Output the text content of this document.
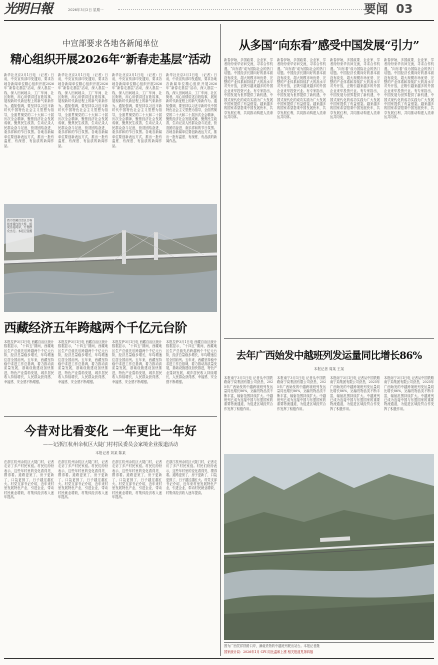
光明日報	2026年3月2日 星期一	要闻 03
中宣部要求各地各新闻单位
精心组织开展2026年“新春走基层”活动
新华社北京3月1日电 （记者）日前，中央宣传部印发通知，要求各地各新闻单位精心组织开展2026年“新春走基层”活动，深入基层一线，深入田间地头、工厂车间、社区街巷，用心用情讲述百姓故事，展现新时代新征程上的新气象新作为。通知强调，要坚持以习近平新时代中国特色社会主义思想为指导，全面贯彻党的二十大和二十届历次全会精神，聚焦经济社会发展成就，聚焦民生改善，生动记录人民群众奋斗足迹，营造团结奋进、欢乐祥和的节日氛围。各地各新闻单位要创新表达方式，推出一批有温度、有深度、有品质的新闻作品。
新华社北京3月1日电 （记者）日前，中央宣传部印发通知，要求各地各新闻单位精心组织开展2026年“新春走基层”活动，深入基层一线，深入田间地头、工厂车间、社区街巷，用心用情讲述百姓故事，展现新时代新征程上的新气象新作为。通知强调，要坚持以习近平新时代中国特色社会主义思想为指导，全面贯彻党的二十大和二十届历次全会精神，聚焦经济社会发展成就，聚焦民生改善，生动记录人民群众奋斗足迹，营造团结奋进、欢乐祥和的节日氛围。各地各新闻单位要创新表达方式，推出一批有温度、有深度、有品质的新闻作品。
新华社北京3月1日电 （记者）日前，中央宣传部印发通知，要求各地各新闻单位精心组织开展2026年“新春走基层”活动，深入基层一线，深入田间地头、工厂车间、社区街巷，用心用情讲述百姓故事，展现新时代新征程上的新气象新作为。通知强调，要坚持以习近平新时代中国特色社会主义思想为指导，全面贯彻党的二十大和二十届历次全会精神，聚焦经济社会发展成就，聚焦民生改善，生动记录人民群众奋斗足迹，营造团结奋进、欢乐祥和的节日氛围。各地各新闻单位要创新表达方式，推出一批有温度、有深度、有品质的新闻作品。
新华社北京3月1日电 （记者）日前，中央宣传部印发通知，要求各地各新闻单位精心组织开展2026年“新春走基层”活动，深入基层一线，深入田间地头、工厂车间、社区街巷，用心用情讲述百姓故事，展现新时代新征程上的新气象新作为。通知强调，要坚持以习近平新时代中国特色社会主义思想为指导，全面贯彻党的二十大和二十届历次全会精神，聚焦经济社会发展成就，聚焦民生改善，生动记录人民群众奋斗足迹，营造团结奋进、欢乐祥和的节日氛围。各地各新闻单位要创新表达方式，推出一批有温度、有深度、有品质的新闻作品。
图为西藏自治区日喀则市境内的大桥，桥梁连接两岸，方便群众出行。本报记者摄
西藏经济五年跨越两个千亿元台阶
本报拉萨3月1日电 西藏自治区统计数据显示，“十四五”期间，西藏地区生产总值先后跨越两个千亿元台阶，经济总量稳步增长，年均增速位居全国前列。五年来，西藏坚持稳中求进工作总基调，着力推动高质量发展，基础设施建设加快推进，特色产业蓬勃发展，城乡居民收入持续增长，人民群众获得感、幸福感、安全感不断增强。
本报拉萨3月1日电 西藏自治区统计数据显示，“十四五”期间，西藏地区生产总值先后跨越两个千亿元台阶，经济总量稳步增长，年均增速位居全国前列。五年来，西藏坚持稳中求进工作总基调，着力推动高质量发展，基础设施建设加快推进，特色产业蓬勃发展，城乡居民收入持续增长，人民群众获得感、幸福感、安全感不断增强。
本报拉萨3月1日电 西藏自治区统计数据显示，“十四五”期间，西藏地区生产总值先后跨越两个千亿元台阶，经济总量稳步增长，年均增速位居全国前列。五年来，西藏坚持稳中求进工作总基调，着力推动高质量发展，基础设施建设加快推进，特色产业蓬勃发展，城乡居民收入持续增长，人民群众获得感、幸福感、安全感不断增强。
本报拉萨3月1日电 西藏自治区统计数据显示，“十四五”期间，西藏地区生产总值先后跨越两个千亿元台阶，经济总量稳步增长，年均增速位居全国前列。五年来，西藏坚持稳中求进工作总基调，着力推动高质量发展，基础设施建设加快推进，特色产业蓬勃发展，城乡居民收入持续增长，人民群众获得感、幸福感、安全感不断增强。
今昔对比看变化 一年更比一年好
——记浙江杭州余杭区大陡门村村民委员会家境企业报道活动
本报记者 刘某 陈某
在浙江杭州余杭区大陡门村，记者走访了多户村民家庭。村民们纷纷表示，这些年村里的变化看得见、摸得着。道路更宽了，房子更新了，口袋更鼓了，日子越过越红火。村党支部书记介绍，近年来村里发展特色产业，引进企业，带动村民就业增收，村集体经济收入逐年提高。
在浙江杭州余杭区大陡门村，记者走访了多户村民家庭。村民们纷纷表示，这些年村里的变化看得见、摸得着。道路更宽了，房子更新了，口袋更鼓了，日子越过越红火。村党支部书记介绍，近年来村里发展特色产业，引进企业，带动村民就业增收，村集体经济收入逐年提高。
在浙江杭州余杭区大陡门村，记者走访了多户村民家庭。村民们纷纷表示，这些年村里的变化看得见、摸得着。道路更宽了，房子更新了，口袋更鼓了，日子越过越红火。村党支部书记介绍，近年来村里发展特色产业，引进企业，带动村民就业增收，村集体经济收入逐年提高。
在浙江杭州余杭区大陡门村，记者走访了多户村民家庭。村民们纷纷表示，这些年村里的变化看得见、摸得着。道路更宽了，房子更新了，口袋更鼓了，日子越过越红火。村党支部书记介绍，近年来村里发展特色产业，引进企业，带动村民就业增收，村集体经济收入逐年提高。
从多国“向东看”感受中国发展“引力”
新春伊始，多国政要、企业家、学者纷纷来华访问交流，寻求合作机遇。“向东看”成为国际社会的热门话题。中国经济长期向好的基本面没有改变，超大规模市场优势、完整的产业体系和持续扩大的高水平对外开放，正吸引越来越多的外国企业来华投资兴业。有专家指出，中国发展为世界提供了新机遇，中国式现代化的成功实践为广大发展中国家提供了有益借鉴。越来越多的国家希望搭乘中国发展快车，共享发展红利，共同推动构建人类命运共同体。
新春伊始，多国政要、企业家、学者纷纷来华访问交流，寻求合作机遇。“向东看”成为国际社会的热门话题。中国经济长期向好的基本面没有改变，超大规模市场优势、完整的产业体系和持续扩大的高水平对外开放，正吸引越来越多的外国企业来华投资兴业。有专家指出，中国发展为世界提供了新机遇，中国式现代化的成功实践为广大发展中国家提供了有益借鉴。越来越多的国家希望搭乘中国发展快车，共享发展红利，共同推动构建人类命运共同体。
新春伊始，多国政要、企业家、学者纷纷来华访问交流，寻求合作机遇。“向东看”成为国际社会的热门话题。中国经济长期向好的基本面没有改变，超大规模市场优势、完整的产业体系和持续扩大的高水平对外开放，正吸引越来越多的外国企业来华投资兴业。有专家指出，中国发展为世界提供了新机遇，中国式现代化的成功实践为广大发展中国家提供了有益借鉴。越来越多的国家希望搭乘中国发展快车，共享发展红利，共同推动构建人类命运共同体。
新春伊始，多国政要、企业家、学者纷纷来华访问交流，寻求合作机遇。“向东看”成为国际社会的热门话题。中国经济长期向好的基本面没有改变，超大规模市场优势、完整的产业体系和持续扩大的高水平对外开放，正吸引越来越多的外国企业来华投资兴业。有专家指出，中国发展为世界提供了新机遇，中国式现代化的成功实践为广大发展中国家提供了有益借鉴。越来越多的国家希望搭乘中国发展快车，共享发展红利，共同推动构建人类命运共同体。
去年广西始发中越班列发运量同比增长86%
本报记者 周某 王某
本报南宁3月1日电 记者从中国铁路南宁局集团有限公司获悉，2025年广西始发的中越跨境班列发运量同比增长86%，运输货物品类不断丰富，辐射范围持续扩大。中越班列已成为连接中国与东盟国家的重要物流通道，为促进区域经贸合作发挥了积极作用。
本报南宁3月1日电 记者从中国铁路南宁局集团有限公司获悉，2025年广西始发的中越跨境班列发运量同比增长86%，运输货物品类不断丰富，辐射范围持续扩大。中越班列已成为连接中国与东盟国家的重要物流通道，为促进区域经贸合作发挥了积极作用。
本报南宁3月1日电 记者从中国铁路南宁局集团有限公司获悉，2025年广西始发的中越跨境班列发运量同比增长86%，运输货物品类不断丰富，辐射范围持续扩大。中越班列已成为连接中国与东盟国家的重要物流通道，为促进区域经贸合作发挥了积极作用。
本报南宁3月1日电 记者从中国铁路南宁局集团有限公司获悉，2025年广西始发的中越跨境班列发运量同比增长86%，运输货物品类不断丰富，辐射范围持续扩大。中越班列已成为连接中国与东盟国家的重要物流通道，为促进区域经贸合作发挥了积极作用。
图为广西凭祥铁路口岸，满载货物的中越班列驶出站台。本报记者摄
国家统计局：2026年1月 CPI 同比温和上涨 相关报道见第四版
